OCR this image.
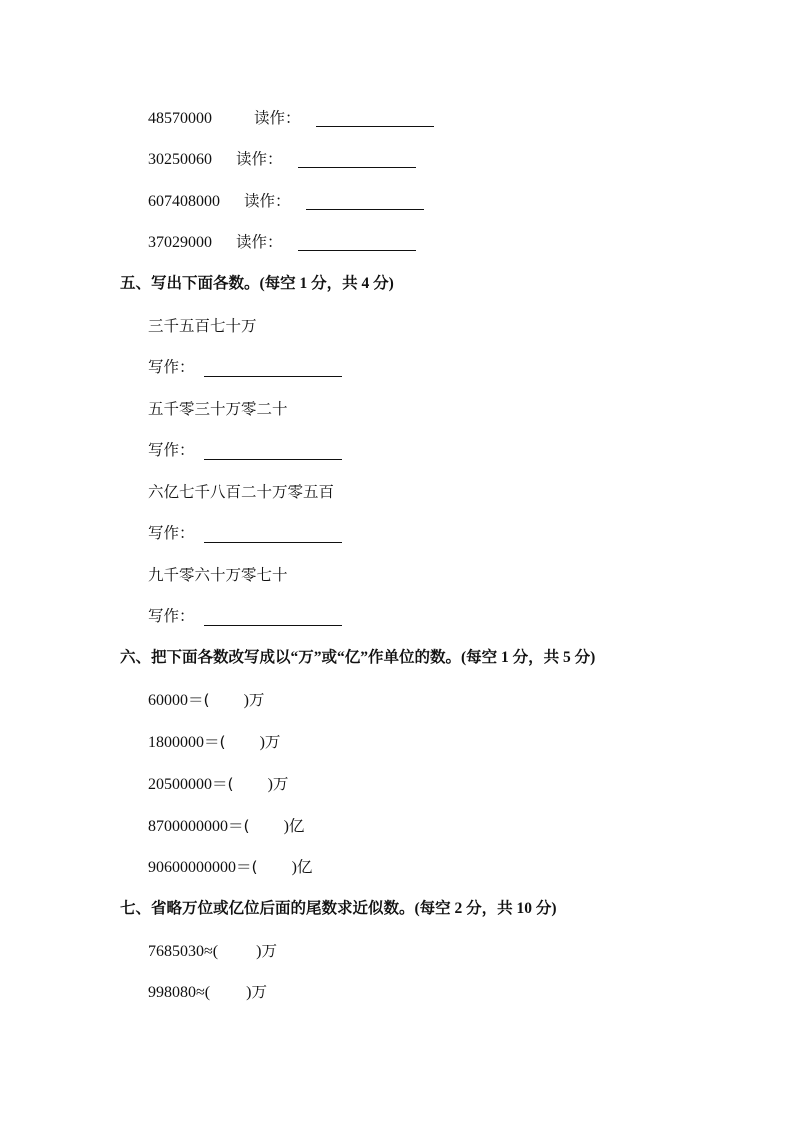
48570000	读作：
30250060 读作：
607408000 读作：
37029000 读作：
五、写出下面各数。(每空 1 分，共 4 分)
三千五百七十万
写作：
五千零三十万零二十
写作：
六亿七千八百二十万零五百
写作：
九千零六十万零七十
写作：
六、把下面各数改写成以“万”或“亿”作单位的数。(每空 1 分，共 5 分)
60000＝( )万
1800000＝( )万
20500000＝( )万
8700000000＝( )亿
90600000000＝( )亿
七、省略万位或亿位后面的尾数求近似数。(每空 2 分，共 10 分)
7685030≈( )万
998080≈( )万
